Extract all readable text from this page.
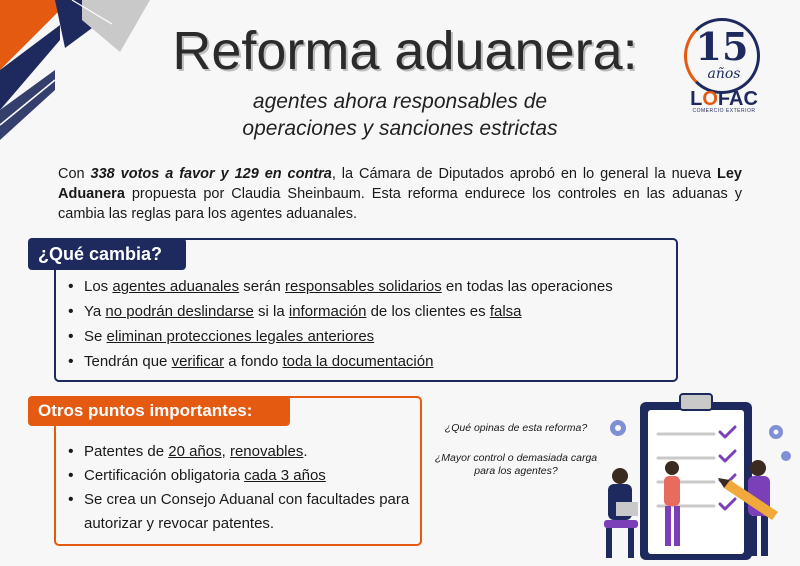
15
años
LOFAC
COMERCIO EXTERIOR
Reforma aduanera:
agentes ahora responsables de
operaciones y sanciones estrictas
Con 338 votos a favor y 129 en contra, la Cámara de Diputados aprobó en lo general la nueva Ley Aduanera propuesta por Claudia Sheinbaum. Esta reforma endurece los controles en las aduanas y cambia las reglas para los agentes aduanales.
¿Qué cambia?
• Los agentes aduanales serán responsables solidarios en todas las operaciones
• Ya no podrán deslindarse si la información de los clientes es falsa
• Se eliminan protecciones legales anteriores
• Tendrán que verificar a fondo toda la documentación
Otros puntos importantes:
• Patentes de 20 años, renovables.
• Certificación obligatoria cada 3 años
• Se crea un Consejo Aduanal con facultades para autorizar y revocar patentes.
¿Qué opinas de esta reforma?
¿Mayor control o demasiada carga para los agentes?
